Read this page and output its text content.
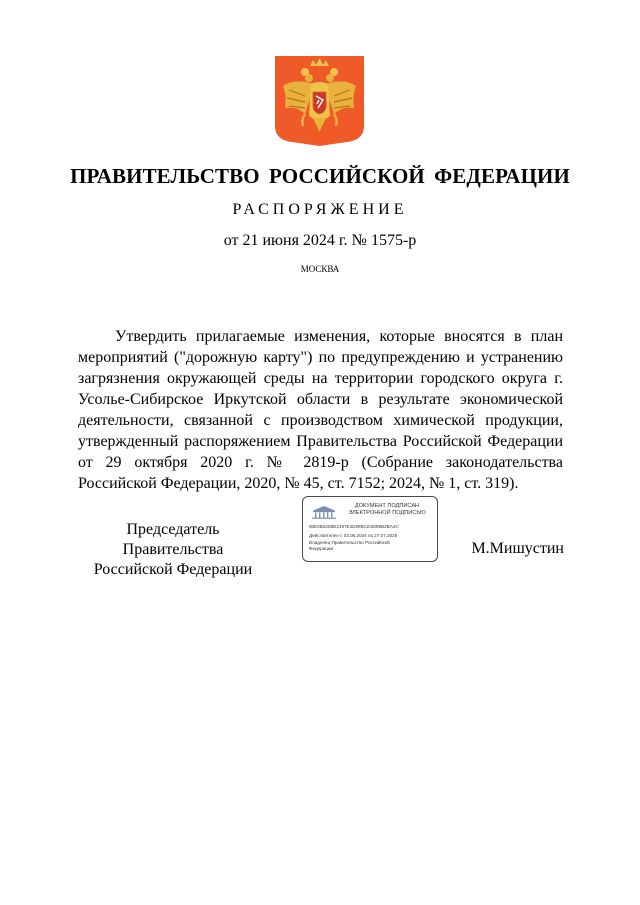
ПРАВИТЕЛЬСТВО РОССИЙСКОЙ ФЕДЕРАЦИИ
РАСПОРЯЖЕНИЕ
от 21 июня 2024 г. № 1575-р
МОСКВА

Утвердить прилагаемые изменения, которые вносятся в план мероприятий ("дорожную карту") по предупреждению и устранению загрязнения окружающей среды на территории городского округа г. Усолье-Сибирское Иркутской области в результате экономической деятельности, связанной с производством химической продукции, утвержденный распоряжением Правительства Российской Федерации от 29 октября 2020 г. № 2819-р (Собрание законодательства Российской Федерации, 2020, № 45, ст. 7152; 2024, № 1, ст. 319).

Председатель Правительства
Российской Федерации
ДОКУМЕНТ ПОДПИСАН
ЭЛЕКТРОННОЙ ПОДПИСЬЮ
00E3B2208D2197E4D9992103099B2BA4C
Действителен с 03.05.2024 по 27.07.2025
Владелец Правительство Российской
Федерации	М.Мишустин
